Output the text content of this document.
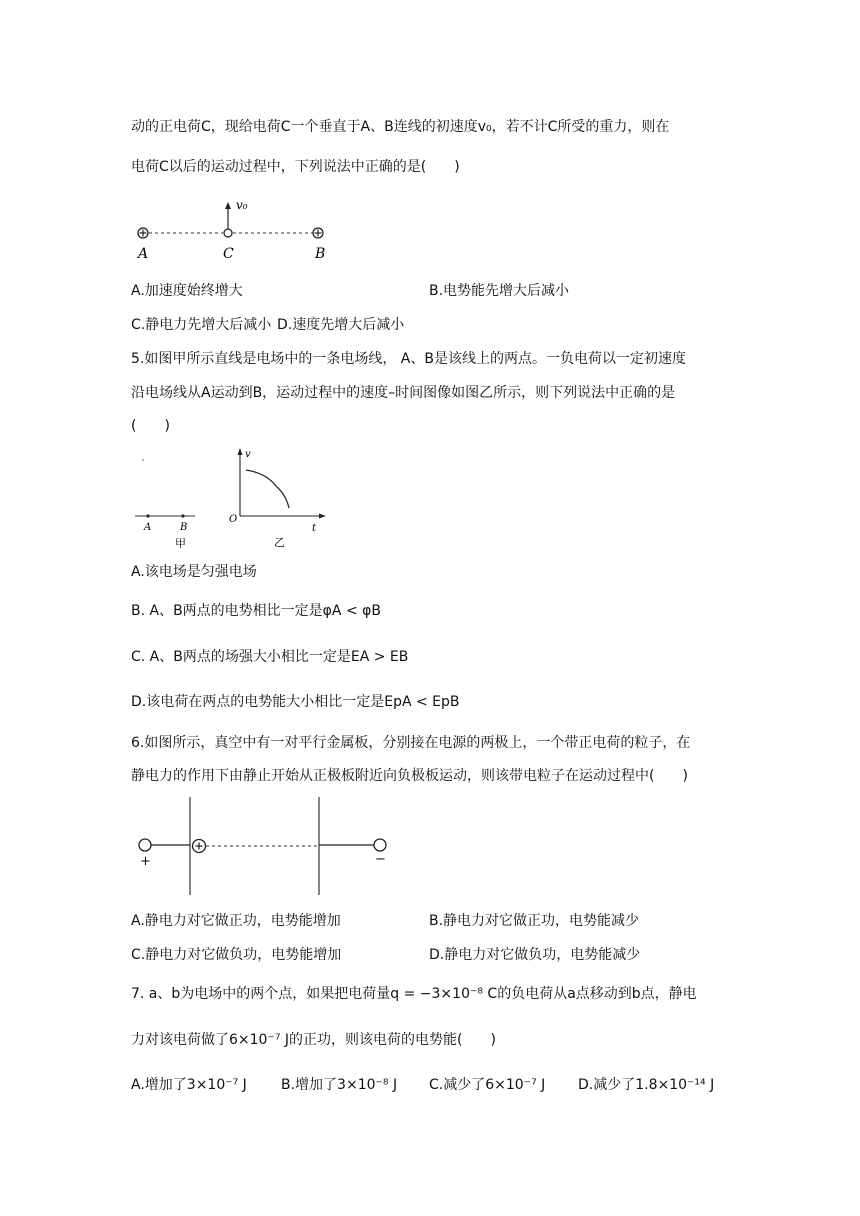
动的正电荷C，现给电荷C一个垂直于A、B连线的初速度v₀，若不计C所受的重力，则在
电荷C以后的运动过程中，下列说法中正确的是(　　)
v₀
A	C	B
A.加速度始终增大	B.电势能先增大后减小
C.静电力先增大后减小 D.速度先增大后减小
5.如图甲所示直线是电场中的一条电场线， A、B是该线上的两点。一负电荷以一定初速度
沿电场线从A运动到B，运动过程中的速度–时间图像如图乙所示，则下列说法中正确的是
(　　)
A	B
甲
v
O
t
乙
A.该电场是匀强电场
B. A、B两点的电势相比一定是φA < φB
C. A、B两点的场强大小相比一定是EA > EB
D.该电荷在两点的电势能大小相比一定是EpA < EpB
6.如图所示，真空中有一对平行金属板，分别接在电源的两极上，一个带正电荷的粒子，在
静电力的作用下由静止开始从正极板附近向负极板运动，则该带电粒子在运动过程中(　　)
+	−
A.静电力对它做正功，电势能增加	B.静电力对它做正功，电势能减少
C.静电力对它做负功，电势能增加	D.静电力对它做负功，电势能减少
7. a、b为电场中的两个点，如果把电荷量q = −3×10⁻⁸ C的负电荷从a点移动到b点，静电
力对该电荷做了6×10⁻⁷ J的正功，则该电荷的电势能(　　)
A.增加了3×10⁻⁷ J B.增加了3×10⁻⁸ J C.减少了6×10⁻⁷ J D.减少了1.8×10⁻¹⁴ J
